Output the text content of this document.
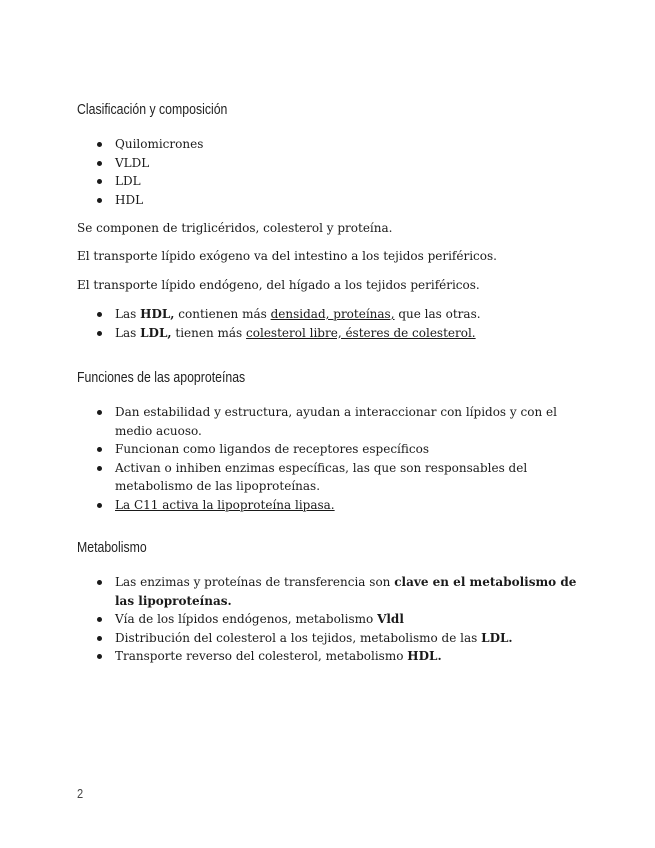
Clasificación y composición
Quilomicrones
VLDL
LDL
HDL

Se componen de triglicéridos, colesterol y proteína.

El transporte lípido exógeno va del intestino a los tejidos periféricos.

El transporte lípido endógeno, del hígado a los tejidos periféricos.

Las HDL, contienen más densidad, proteínas, que las otras.
Las LDL, tienen más colesterol libre, ésteres de colesterol.
Funciones de las apoproteínas
Dan estabilidad y estructura, ayudan a interaccionar con lípidos y con el medio acuoso.
Funcionan como ligandos de receptores específicos
Activan o inhiben enzimas específicas, las que son responsables del metabolismo de las lipoproteínas.
La C11 activa la lipoproteína lipasa.
Metabolismo
Las enzimas y proteínas de transferencia son clave en el metabolismo de las lipoproteínas.
Vía de los lípidos endógenos, metabolismo Vldl
Distribución del colesterol a los tejidos, metabolismo de las LDL.
Transporte reverso del colesterol, metabolismo HDL.
2
